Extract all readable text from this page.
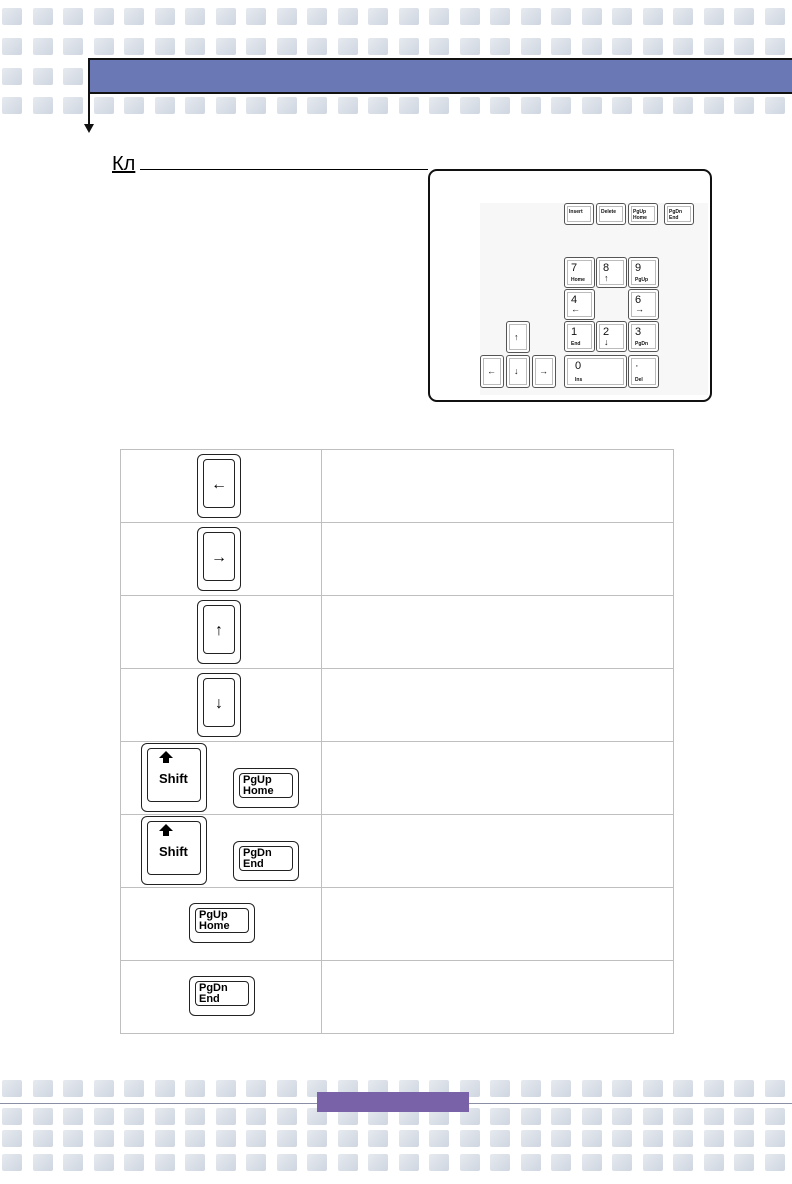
Кл
Insert	Delete	PgUp Home
PgDn End
7
Home
8
↑
9
PgUp
4
←
6
→
1
End
2
↓
3
PgDn
0
Ins
·
Del
↑
← ↓ →
←	

→	

↑	

↓	

Shift PgUp
Home	

Shift PgDn
End	

PgUp
Home	

PgDn
End	
